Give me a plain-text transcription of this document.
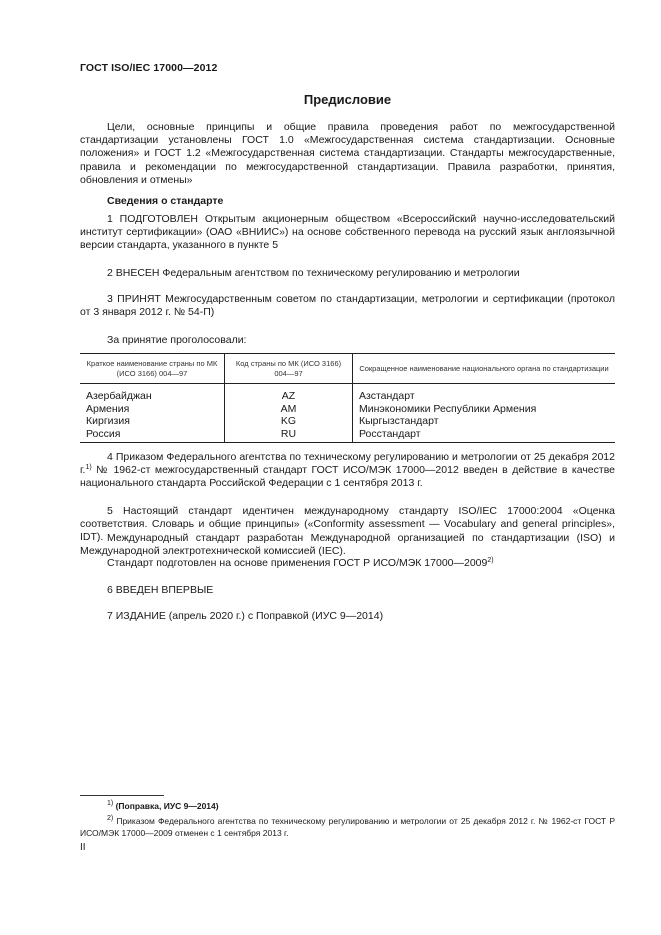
ГОСТ ISO/IEC 17000—2012
Предисловие

Цели, основные принципы и общие правила проведения работ по межгосударственной стандартизации установлены ГОСТ 1.0 «Межгосударственная система стандартизации. Основные положения» и ГОСТ 1.2 «Межгосударственная система стандартизации. Стандарты межгосударственные, правила и рекомендации по межгосударственной стандартизации. Правила разработки, принятия, обновления и отмены»

Сведения о стандарте

1 ПОДГОТОВЛЕН Открытым акционерным обществом «Всероссийский научно-исследовательский институт сертификации» (ОАО «ВНИИС») на основе собственного перевода на русский язык англоязычной версии стандарта, указанного в пункте 5

2 ВНЕСЕН Федеральным агентством по техническому регулированию и метрологии

3 ПРИНЯТ Межгосударственным советом по стандартизации, метрологии и сертификации (протокол от 3 января 2012 г. № 54-П)

За принятие проголосовали:

Краткое наименование страны по МК (ИСО 3166) 004—97	Код страны по МК (ИСО 3166) 004—97	Сокращенное наименование национального органа по стандартизации
Азербайджан	AZ	Азстандарт
Армения	AM	Минэкономики Республики Армения
Киргизия	KG	Кыргызстандарт
Россия	RU	Росстандарт

4 Приказом Федерального агентства по техническому регулированию и метрологии от 25 декабря 2012 г.$^{1)}$ № 1962-ст межгосударственный стандарт ГОСТ ИСО/МЭК 17000—2012 введен в действие в качестве национального стандарта Российской Федерации с 1 сентября 2013 г.

5 Настоящий стандарт идентичен международному стандарту ISO/IEC 17000:2004 «Оценка соответствия. Словарь и общие принципы» («Conformity assessment — Vocabulary and general principles», IDT). Международный стандарт разработан Международной организацией по стандартизации (ISO) и Международной электротехнической комиссией (IEC).

Стандарт подготовлен на основе применения ГОСТ Р ИСО/МЭК 17000—2009$^{2)}$

6 ВВЕДЕН ВПЕРВЫЕ

7 ИЗДАНИЕ (апрель 2020 г.) с Поправкой (ИУС 9—2014)

$^{1)}$ (Поправка, ИУС 9—2014)

$^{2)}$ Приказом Федерального агентства по техническому регулированию и метрологии от 25 декабря 2012 г. № 1962-ст ГОСТ Р ИСО/МЭК 17000—2009 отменен с 1 сентября 2013 г.

II
